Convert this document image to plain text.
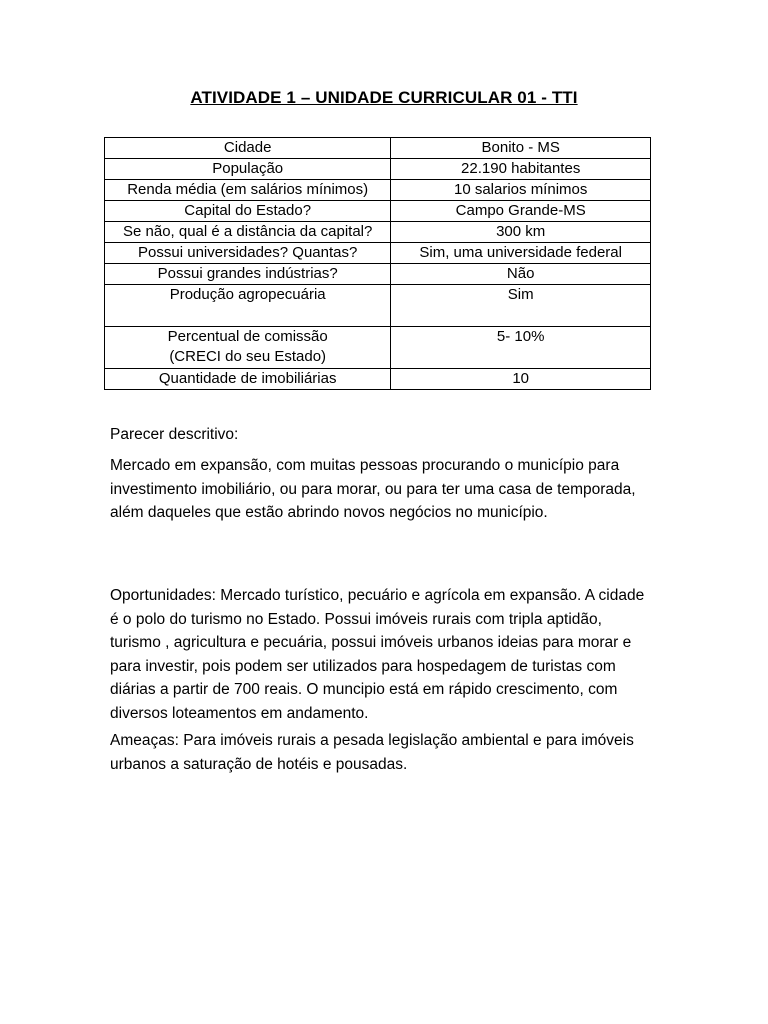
ATIVIDADE 1 – UNIDADE CURRICULAR 01 - TTI
Cidade	Bonito - MS
População	22.190 habitantes
Renda média (em salários mínimos)	10 salarios mínimos
Capital do Estado?	Campo Grande-MS
Se não, qual é a distância da capital?	300 km
Possui universidades? Quantas?	Sim, uma universidade federal
Possui grandes indústrias?	Não
Produção agropecuária	Sim

Percentual de comissão
(CRECI do seu Estado)	5- 10%
Quantidade de imobiliárias	10
Parecer descritivo:

Mercado em expansão, com muitas pessoas procurando o município para investimento imobiliário, ou para morar, ou para ter uma casa de temporada, além daqueles que estão abrindo novos negócios no município.

Oportunidades: Mercado turístico, pecuário e agrícola em expansão. A cidade é o polo do turismo no Estado. Possui imóveis rurais com tripla aptidão, turismo , agricultura e pecuária, possui imóveis urbanos ideias para morar e para investir, pois podem ser utilizados para hospedagem de turistas com diárias a partir de 700 reais. O muncipio está em rápido crescimento, com diversos loteamentos em andamento.

Ameaças: Para imóveis rurais a pesada legislação ambiental e para imóveis urbanos a saturação de hotéis e pousadas.
